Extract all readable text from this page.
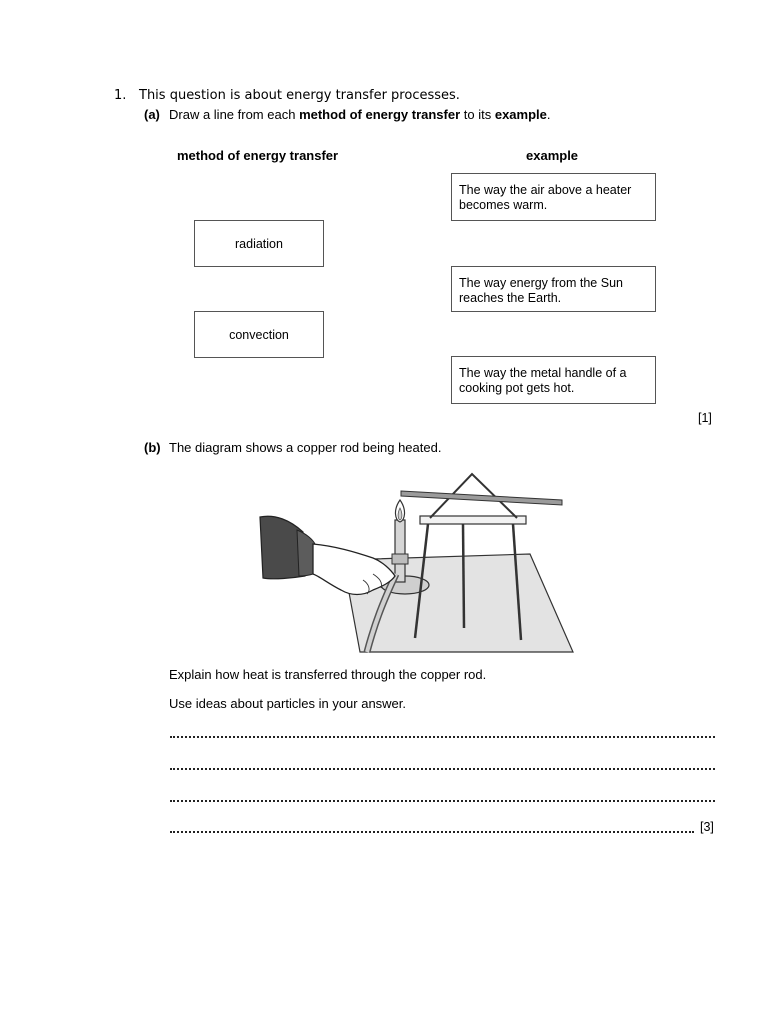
1. This question is about energy transfer processes.
(a) Draw a line from each method of energy transfer to its example.
method of energy transfer	example
radiation
convection
The way the air above a heater becomes warm.
The way energy from the Sun reaches the Earth.
The way the metal handle of a cooking pot gets hot.
[1]
(b) The diagram shows a copper rod being heated.
Explain how heat is transferred through the copper rod.
Use ideas about particles in your answer.
[3]
